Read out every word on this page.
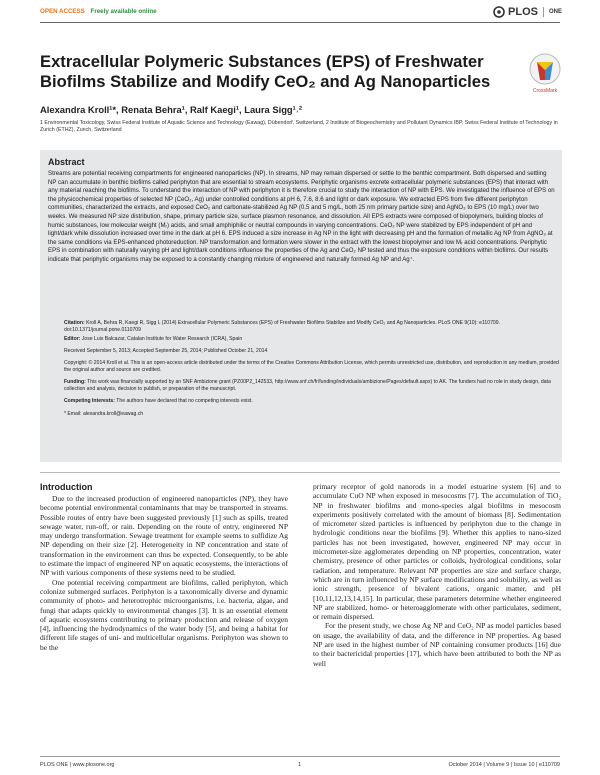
OPEN ACCESS Freely available online	PLOS ONE
Extracellular Polymeric Substances (EPS) of Freshwater
Biofilms Stabilize and Modify CeO₂ and Ag Nanoparticles	CrossMark
Alexandra Kroll¹*, Renata Behra¹, Ralf Kaegi¹, Laura Sigg¹˒²
1 Environmental Toxicology, Swiss Federal Institute of Aquatic Science and Technology (Eawag), Dübendorf, Switzerland, 2 Institute of Biogeochemistry and Pollutant Dynamics IBP, Swiss Federal Institute of Technology in Zurich (ETHZ), Zurich, Switzerland
Abstract
Streams are potential receiving compartments for engineered nanoparticles (NP). In streams, NP may remain dispersed or settle to the benthic compartment. Both dispersed and settling NP can accumulate in benthic biofilms called periphyton that are essential to stream ecosystems. Periphytic organisms excrete extracellular polymeric substances (EPS) that interact with any material reaching the biofilms. To understand the interaction of NP with periphyton it is therefore crucial to study the interaction of NP with EPS. We investigated the influence of EPS on the physicochemical properties of selected NP (CeO₂, Ag) under controlled conditions at pH 6, 7.6, 8.6 and light or dark exposure. We extracted EPS from five different periphyton communities, characterized the extracts, and exposed CeO₂ and carbonate-stabilized Ag NP (0.5 and 5 mg/L, both 25 nm primary particle size) and AgNO₃ to EPS (10 mg/L) over two weeks. We measured NP size distribution, shape, primary particle size, surface plasmon resonance, and dissolution. All EPS extracts were composed of biopolymers, building blocks of humic substances, low molecular weight (Mᵣ) acids, and small amphiphilic or neutral compounds in varying concentrations. CeO₂ NP were stabilized by EPS independent of pH and light/dark while dissolution increased over time in the dark at pH 6. EPS induced a size increase in Ag NP in the light with decreasing pH and the formation of metallic Ag NP from AgNO₃ at the same conditions via EPS-enhanced photoreduction. NP transformation and formation were slower in the extract with the lowest biopolymer and low Mᵣ acid concentrations. Periphytic EPS in combination with naturally varying pH and light/dark conditions influence the properties of the Ag and CeO₂ NP tested and thus the exposure conditions within biofilms. Our results indicate that periphytic organisms may be exposed to a constantly changing mixture of engineered and naturally formed Ag NP and Ag⁺.
Citation: Kroll A, Behra R, Kaegi R, Sigg L (2014) Extracellular Polymeric Substances (EPS) of Freshwater Biofilms Stabilize and Modify CeO₂ and Ag Nanoparticles. PLoS ONE 9(10): e110709. doi:10.1371/journal.pone.0110709
Editor: Jose Luis Balcazar, Catalan Institute for Water Research (ICRA), Spain
Received September 5, 2013; Accepted September 25, 2014; Published October 21, 2014
Copyright: © 2014 Kroll et al. This is an open-access article distributed under the terms of the Creative Commons Attribution License, which permits unrestricted use, distribution, and reproduction in any medium, provided the original author and source are credited.
Funding: This work was financially supported by an SNF Ambizione grant (PZ00P2_142533, http://www.snf.ch/fr/funding/individuals/ambizione/Pages/default.aspx) to AK. The funders had no role in study design, data collection and analysis, decision to publish, or preparation of the manuscript.
Competing Interests: The authors have declared that no competing interests exist.
* Email: alexandra.kroll@eawag.ch
Introduction

Due to the increased production of engineered nanoparticles (NP), they have become potential environmental contaminants that may be transported in streams. Possible routes of entry have been suggested previously [1] such as spills, treated sewage water, run-off, or rain. Depending on the route of entry, engineered NP may undergo transformation. Sewage treatment for example seems to sulfidize Ag NP depending on their size [2]. Heterogeneity in NP concentration and state of transformation in the environment can thus be expected. Consequently, to be able to estimate the impact of engineered NP on aquatic ecosystems, the interactions of NP with various components of these systems need to be studied.

One potential receiving compartment are biofilms, called periphyton, which colonize submerged surfaces. Periphyton is a taxonomically diverse and dynamic community of photo- and heterotrophic microorganisms, i.e. bacteria, algae, and fungi that adapts quickly to environmental changes [3]. It is an essential element of aquatic ecosystems contributing to primary production and release of oxygen [4], influencing the hydrodynamics of the water body [5], and being a habitat for different life stages of uni- and multicellular organisms. Periphyton was shown to be the

primary receptor of gold nanorods in a model estuarine system [6] and to accumulate CuO NP when exposed in mesocosms [7]. The accumulation of TiO₂ NP in freshwater biofilms and mono-species algal biofilms in mesocosm experiments positively correlated with the amount of biomass [8]. Sedimentation of micrometer sized particles is influenced by periphyton due to the change in hydrologic conditions near the biofilms [9]. Whether this applies to nano-sized particles has not been investigated, however, engineered NP may occur in micrometer-size agglomerates depending on NP properties, concentration, water chemistry, presence of other particles or colloids, hydrological conditions, solar radiation, and temperature. Relevant NP properties are size and surface charge, which are in turn influenced by NP surface modifications and solubility, as well as ionic strength, presence of bivalent cations, organic matter, and pH [10,11,12,13,14,15]. In particular, these parameters determine whether engineered NP are stabilized, homo- or heteroagglomerate with other particulates, sediment, or remain dispersed.

For the present study, we chose Ag NP and CeO₂ NP as model particles based on usage, the availability of data, and the difference in NP properties. Ag based NP are used in the highest number of NP containing consumer products [16] due to their bactericidal properties [17], which have been attributed to both the NP as well

PLOS ONE | www.plosone.org	1	October 2014 | Volume 9 | Issue 10 | e110709
